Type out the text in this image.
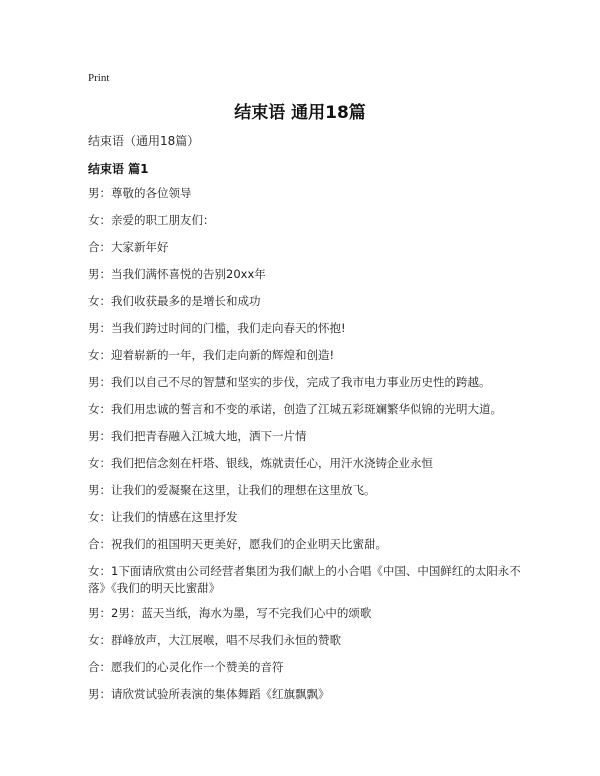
Print
结束语 通用18篇
结束语（通用18篇）
结束语 篇1
男：尊敬的各位领导
女：亲爱的职工朋友们：
合：大家新年好
男：当我们满怀喜悦的告别20xx年
女：我们收获最多的是增长和成功
男：当我们跨过时间的门槛，我们走向春天的怀抱!
女：迎着崭新的一年，我们走向新的辉煌和创造!
男：我们以自己不尽的智慧和坚实的步伐，完成了我市电力事业历史性的跨越。
女：我们用忠诚的誓言和不变的承诺，创造了江城五彩斑斓繁华似锦的光明大道。
男：我们把青春融入江城大地，洒下一片情
女：我们把信念刻在杆塔、银线，炼就责任心，用汗水浇铸企业永恒
男：让我们的爱凝聚在这里，让我们的理想在这里放飞。
女：让我们的情感在这里抒发
合：祝我们的祖国明天更美好，愿我们的企业明天比蜜甜。
女：1下面请欣赏由公司经营者集团为我们献上的小合唱《中国、中国鲜红的太阳永不落》《我们的明天比蜜甜》
男：2男：蓝天当纸，海水为墨，写不完我们心中的颂歌
女：群峰放声，大江展喉，唱不尽我们永恒的赞歌
合：愿我们的心灵化作一个赞美的音符
男：请欣赏试验所表演的集体舞蹈《红旗飘飘》
